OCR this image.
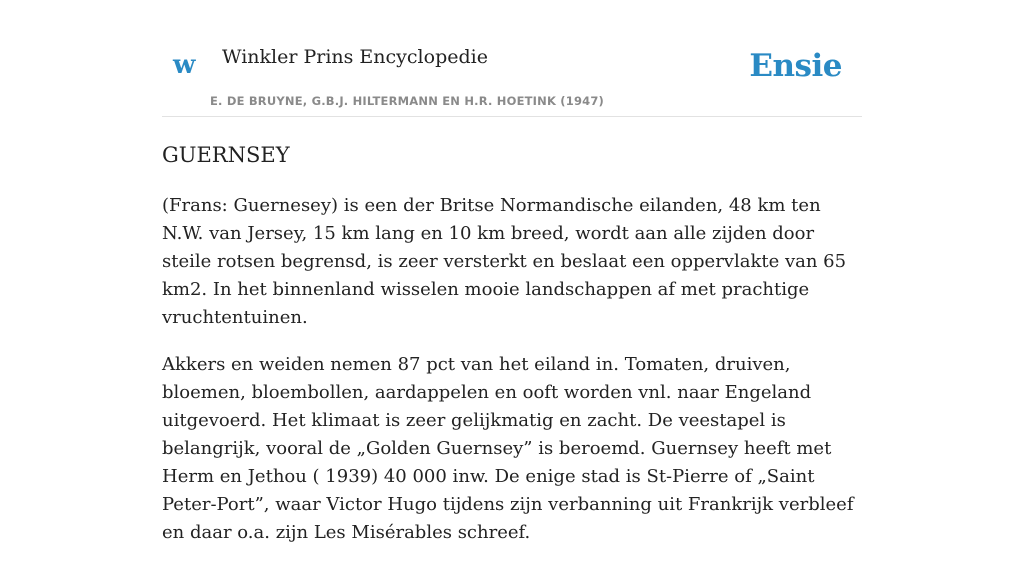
w Winkler Prins Encyclopedie
E. DE BRUYNE, G.B.J. HILTERMANN EN H.R. HOETINK (1947)
Ensie
GUERNSEY

(Frans: Guernesey) is een der Britse Normandische eilanden, 48 km ten N.W. van Jersey, 15 km lang en 10 km breed, wordt aan alle zijden door steile rotsen begrensd, is zeer versterkt en beslaat een oppervlakte van 65 km2. In het binnenland wisselen mooie landschappen af met prachtige vruchtentuinen.

Akkers en weiden nemen 87 pct van het eiland in. Tomaten, druiven, bloemen, bloembollen, aardappelen en ooft worden vnl. naar Engeland uitgevoerd. Het klimaat is zeer gelijkmatig en zacht. De veestapel is belangrijk, vooral de „Golden Guernsey” is beroemd. Guernsey heeft met Herm en Jethou ( 1939) 40 000 inw. De enige stad is St-Pierre of „Saint Peter-Port”, waar Victor Hugo tijdens zijn verbanning uit Frankrijk verbleef en daar o.a. zijn Les Misérables schreef.
